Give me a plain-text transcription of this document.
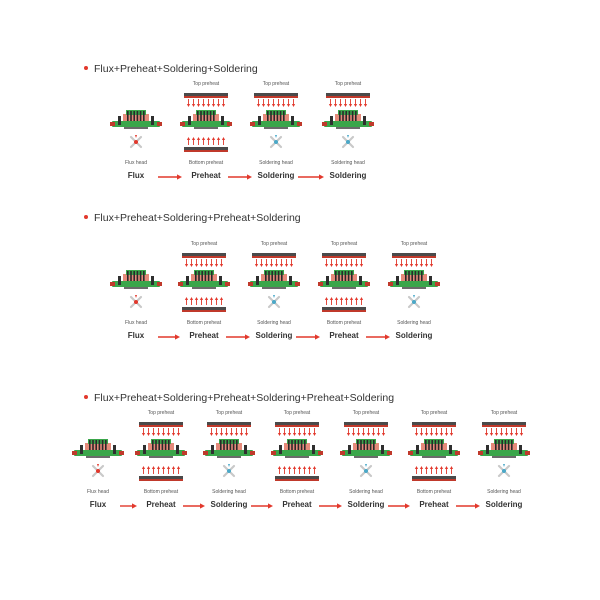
Flux+Preheat+Soldering+Soldering
Flux+Preheat+Soldering+Preheat+Soldering
Flux+Preheat+Soldering+Preheat+Soldering+Preheat+Soldering
Flux head
Flux
Top preheat
Bottom preheat
Preheat
Top preheat
Soldering head
Soldering
Top preheat
Soldering head
Soldering
Flux head
Flux
Top preheat
Bottom preheat
Preheat
Top preheat
Soldering head
Soldering
Top preheat
Bottom preheat
Preheat
Top preheat
Soldering head
Soldering
Flux head
Flux
Top preheat
Bottom preheat
Preheat
Top preheat
Soldering head
Soldering
Top preheat
Bottom preheat
Preheat
Top preheat
Soldering head
Soldering
Top preheat
Bottom preheat
Preheat
Top preheat
Soldering head
Soldering
